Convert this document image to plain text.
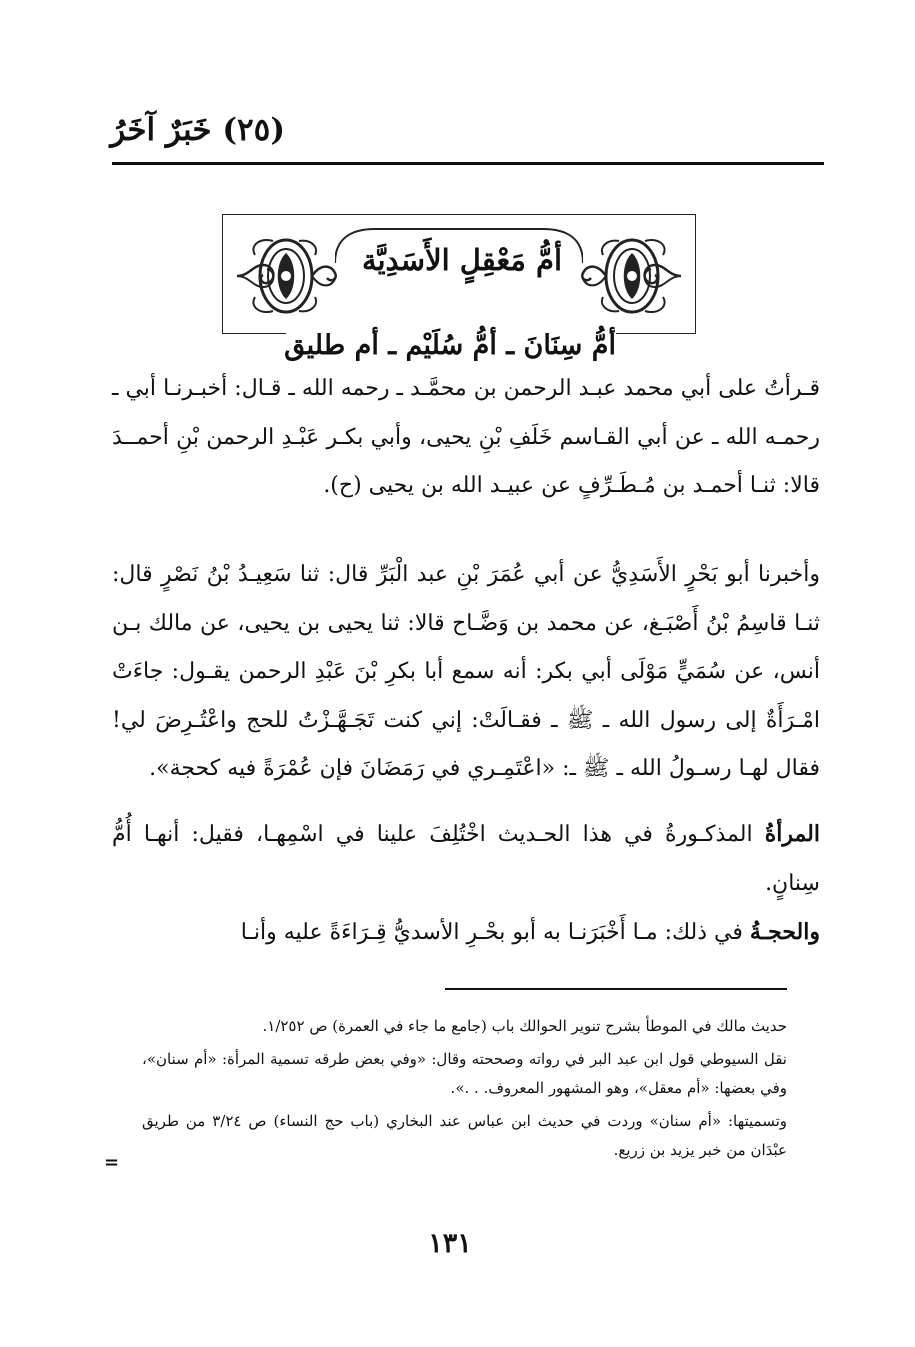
(٢٥) خَبَرٌ آخَرُ
أمُّ مَعْقِلٍ الأَسَدِيَّة
أمُّ سِنَانَ ـ أمُّ سُلَيْم ـ أم طليق
قـرأتُ على أبي محمد عبـد الرحمن بن محمَّـد ـ رحمه الله ـ قـال: أخبـرنـا أبي ـ رحمـه الله ـ عن أبي القـاسم خَلَفِ بْنِ يحيى، وأبي بكـر عَبْـدِ الرحمن بْنِ أحمــدَ قالا: ثنـا أحمـد بن مُـطَـرِّفٍ عن عبيـد الله بن يحيى (ح).
وأخبرنا أبو بَحْرٍ الأَسَدِيُّ عن أبي عُمَرَ بْنِ عبد الْبَرِّ قال: ثنا سَعِيـدُ بْنُ نَصْرٍ قال: ثنـا قاسِمُ بْنُ أَصْبَـغ، عن محمد بن وَضَّـاح قالا: ثنا يحيى بن يحيى، عن مالك بـن أنس، عن سُمَيٍّ مَوْلَى أبي بكر: أنه سمع أبا بكرِ بْنَ عَبْدِ الرحمن يقـول: جاءَتْ امْـرَأَةٌ إلى رسول الله ـ ﷺ ـ فقـالَتْ: إني كنت تَجَـهَّـزْتُ للحج واعْتُـرِضَ لي! فقال لهـا رسـولُ الله ـ ﷺ ـ: «اعْتَمِـري في رَمَضَانَ فإن عُمْرَةً فيه كحجة».
المرأةُ المذكـورةُ في هذا الحـديث اخْتُلِفَ علينا في اسْمِهـا، فقيل: أنهـا أُمُّ سِنانٍ.
والحجـةُ في ذلك: مـا أَخْبَرَنـا به أبو بحْـرِ الأسديُّ قِـرَاءَةً عليه وأنـا

حديث مالك في الموطأ بشرح تنوير الحوالك باب (جامع ما جاء في العمرة) ص ١/٢٥٢.

نقل السيوطي قول ابن عبد البر في رواته وصححته وقال: «وفي بعض طرقه تسمية المرأة: «أم سنان»، وفي بعضها: «أم معقل»، وهو المشهور المعروف. . .».

وتسميتها: «أم سنان» وردت في حديث ابن عباس عند البخاري (باب حج النساء) ص ٣/٢٤ من طريق عبْدَان من خبر يزيد بن زريع.

=
١٣١
